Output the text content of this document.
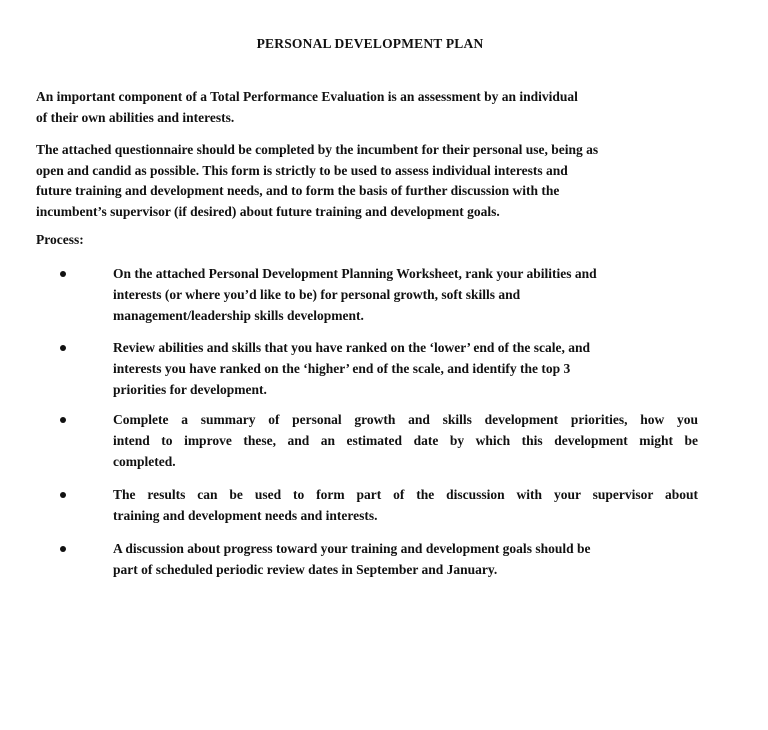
PERSONAL DEVELOPMENT PLAN

An important component of a Total Performance Evaluation is an assessment by an individual
of their own abilities and interests.

The attached questionnaire should be completed by the incumbent for their personal use, being as
open and candid as possible. This form is strictly to be used to assess individual interests and
future training and development needs, and to form the basis of further discussion with the
incumbent’s supervisor (if desired) about future training and development goals.

Process:

On the attached Personal Development Planning Worksheet, rank your abilities and
interests (or where you’d like to be) for personal growth, soft skills and
management/leadership skills development.

Review abilities and skills that you have ranked on the ‘lower’ end of the scale, and
interests you have ranked on the ‘higher’ end of the scale, and identify the top 3
priorities for development.

Complete a summary of personal growth and skills development priorities, how you
intend to improve these, and an estimated date by which this development might be
completed.

The results can be used to form part of the discussion with your supervisor about
training and development needs and interests.

A discussion about progress toward your training and development goals should be
part of scheduled periodic review dates in September and January.
